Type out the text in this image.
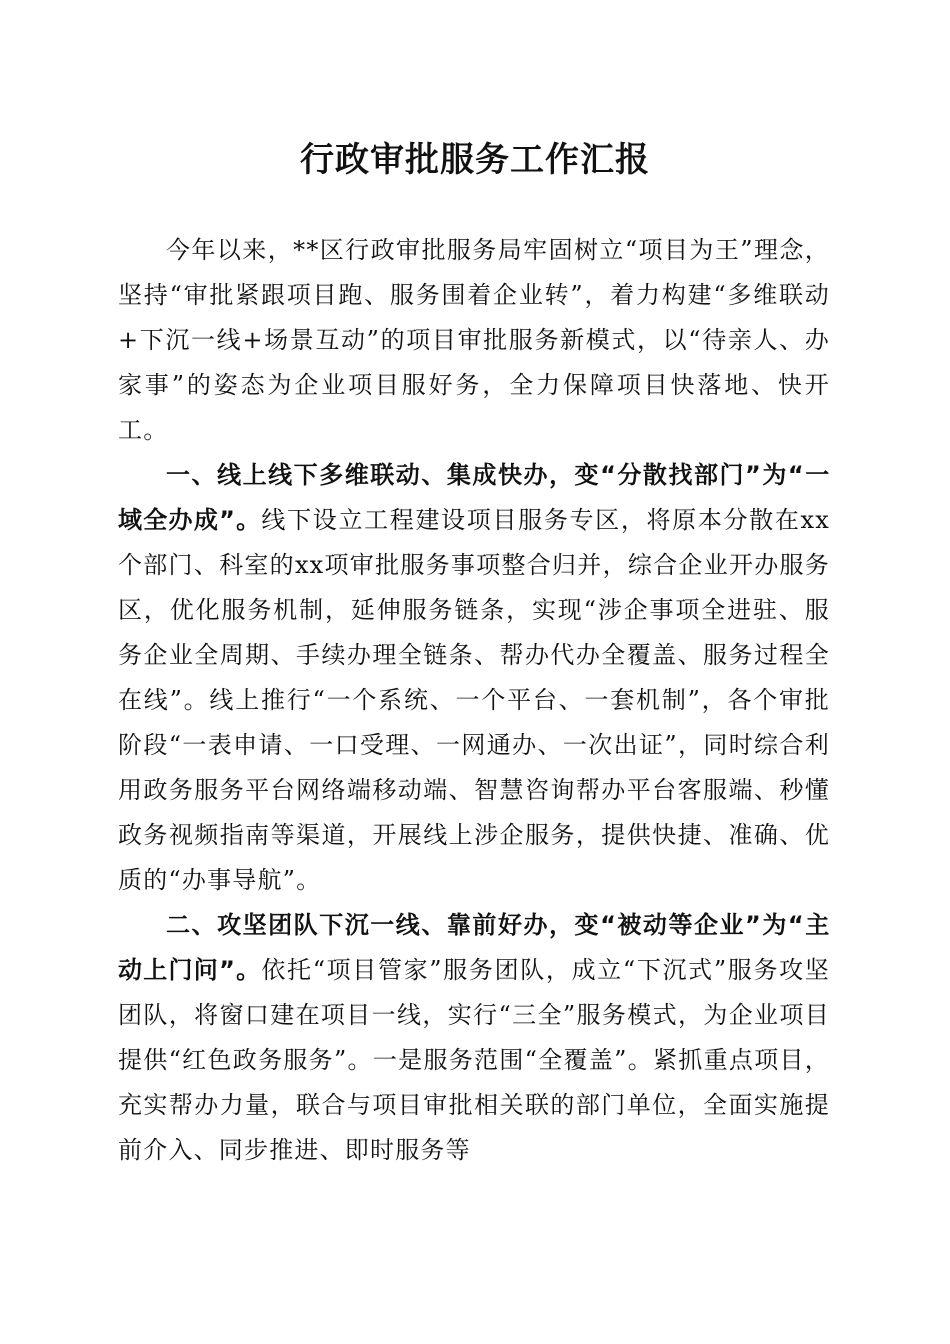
行政审批服务工作汇报

今年以来，**区行政审批服务局牢固树立“项目为王”理念，坚持“审批紧跟项目跑、服务围着企业转”，着力构建“多维联动+下沉一线+场景互动”的项目审批服务新模式，以“待亲人、办家事”的姿态为企业项目服好务，全力保障项目快落地、快开工。

一、线上线下多维联动、集成快办，变“分散找部门”为“一域全办成”。线下设立工程建设项目服务专区，将原本分散在xx个部门、科室的xx项审批服务事项整合归并，综合企业开办服务区，优化服务机制，延伸服务链条，实现“涉企事项全进驻、服务企业全周期、手续办理全链条、帮办代办全覆盖、服务过程全在线”。线上推行“一个系统、一个平台、一套机制”，各个审批阶段“一表申请、一口受理、一网通办、一次出证”，同时综合利用政务服务平台网络端移动端、智慧咨询帮办平台客服端、秒懂政务视频指南等渠道，开展线上涉企服务，提供快捷、准确、优质的“办事导航”。

二、攻坚团队下沉一线、靠前好办，变“被动等企业”为“主动上门问”。依托“项目管家”服务团队，成立“下沉式”服务攻坚团队，将窗口建在项目一线，实行“三全”服务模式，为企业项目提供“红色政务服务”。一是服务范围“全覆盖”。紧抓重点项目，充实帮办力量，联合与项目审批相关联的部门单位，全面实施提前介入、同步推进、即时服务等
